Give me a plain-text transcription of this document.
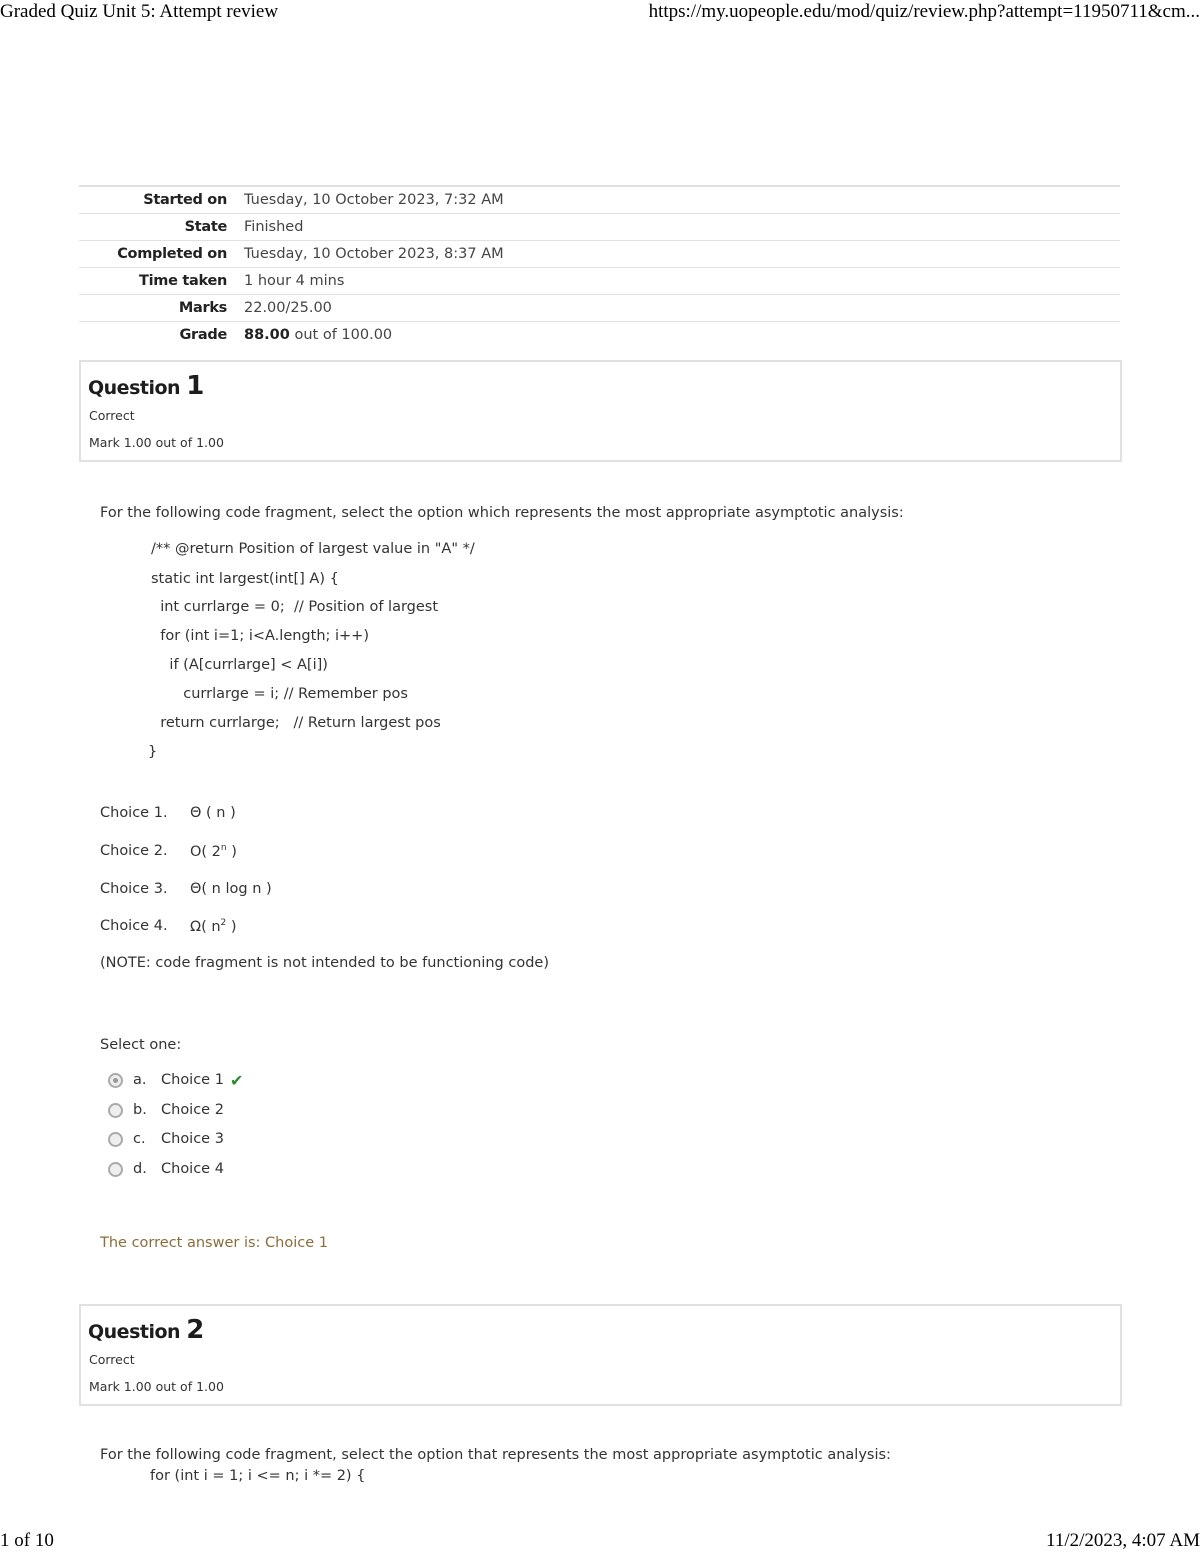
Graded Quiz Unit 5: Attempt review	https://my.uopeople.edu/mod/quiz/review.php?attempt=11950711&cm...
Started on	Tuesday, 10 October 2023, 7:32 AM
State	Finished
Completed on	Tuesday, 10 October 2023, 8:37 AM
Time taken	1 hour 4 mins
Marks	22.00/25.00
Grade	88.00 out of 100.00
Question 1
Correct
Mark 1.00 out of 1.00
For the following code fragment, select the option which represents the most appropriate asymptotic analysis:
/** @return Position of largest value in "A" */
static int largest(int[] A) {
int currlarge = 0;  // Position of largest
for (int i=1; i<A.length; i++)
if (A[currlarge] < A[i])
currlarge = i; // Remember pos
return currlarge;   // Return largest pos
}
Choice 1. Θ ( n )
Choice 2. O( 2$^n$ )
Choice 3. Θ( n log n )
Choice 4. Ω( $n^2$ )
(NOTE: code fragment is not intended to be functioning code)
Select one:
a.	Choice 1 ✔
b. Choice 2
c.	Choice 3
d. Choice 4
The correct answer is: Choice 1
Question 2
Correct
Mark 1.00 out of 1.00
For the following code fragment, select the option that represents the most appropriate asymptotic analysis:
for (int i = 1; i <= n; i *= 2) {
1 of 10	11/2/2023, 4:07 AM
